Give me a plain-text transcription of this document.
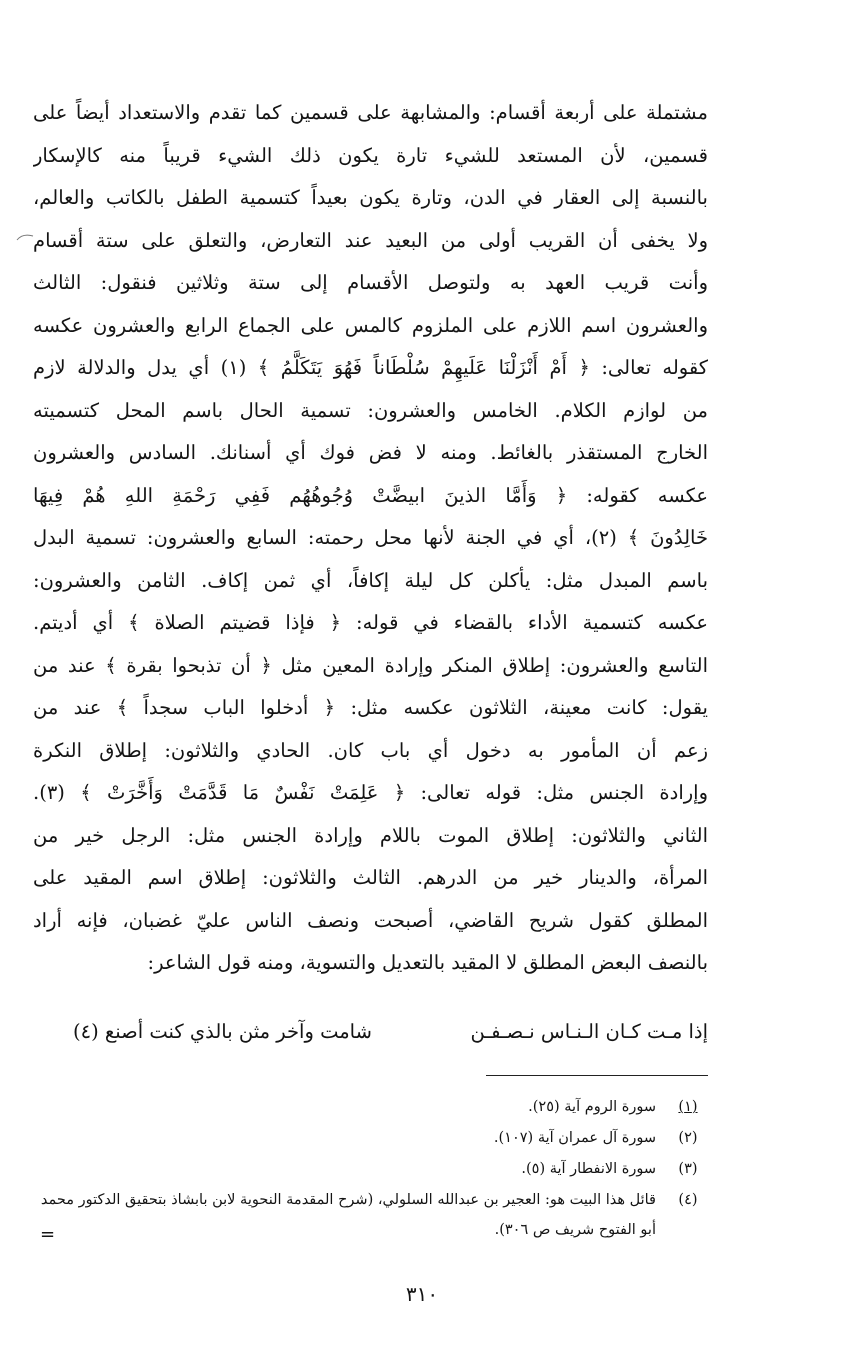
مشتملة على أربعة أقسام: والمشابهة على قسمين كما تقدم والاستعداد أيضاً على
قسمين، لأن المستعد للشيء تارة يكون ذلك الشيء قريباً منه كالإسكار
بالنسبة إلى العقار في الدن، وتارة يكون بعيداً كتسمية الطفل بالكاتب والعالم،
ولا يخفى أن القريب أولى من البعيد عند التعارض، والتعلق على ستة أقسام
وأنت قريب العهد به ولتوصل الأقسام إلى ستة وثلاثين فنقول: الثالث
والعشرون اسم اللازم على الملزوم كالمس على الجماع الرابع والعشرون عكسه
كقوله تعالى: ﴿ أَمْ أَنْزَلْنَا عَلَيهِمْ سُلْطَاناً فَهُوَ يَتَكَلَّمُ ﴾ (١) أي يدل والدلالة لازم
من لوازم الكلام. الخامس والعشرون: تسمية الحال باسم المحل كتسميته
الخارج المستقذر بالغائط. ومنه لا فض فوك أي أسنانك. السادس والعشرون
عكسه كقوله: ﴿ وَأَمَّا الذينَ ابيضَّتْ وُجُوهُهُم فَفِي رَحْمَةِ اللهِ هُمْ فِيهَا
خَالِدُونَ ﴾ (٢)، أي في الجنة لأنها محل رحمته: السابع والعشرون: تسمية البدل
باسم المبدل مثل: يأكلن كل ليلة إكافاً، أي ثمن إكاف. الثامن والعشرون:
عكسه كتسمية الأداء بالقضاء في قوله: ﴿ فإذا قضيتم الصلاة ﴾ أي أديتم.
التاسع والعشرون: إطلاق المنكر وإرادة المعين مثل ﴿ أن تذبحوا بقرة ﴾ عند من
يقول: كانت معينة، الثلاثون عكسه مثل: ﴿ أدخلوا الباب سجداً ﴾ عند من
زعم أن المأمور به دخول أي باب كان. الحادي والثلاثون: إطلاق النكرة
وإرادة الجنس مثل: قوله تعالى: ﴿ عَلِمَتْ نَفْسٌ مَا قَدَّمَتْ وَأَخَّرَتْ ﴾ (٣).
الثاني والثلاثون: إطلاق الموت باللام وإرادة الجنس مثل: الرجل خير من
المرأة، والدينار خير من الدرهم. الثالث والثلاثون: إطلاق اسم المقيد على
المطلق كقول شريح القاضي، أصبحت ونصف الناس عليّ غضبان، فإنه أراد
بالنصف البعض المطلق لا المقيد بالتعديل والتسوية، ومنه قول الشاعر:
إذا مـت كـان الـنـاس نـصـفـن
شامت وآخر مثن بالذي كنت أصنع (٤)
(١)
سورة الروم آية (٢٥).
(٢)
سورة آل عمران آية (١٠٧).
(٣)
سورة الانفطار آية (٥).
(٤)
قائل هذا البيت هو: العجير بن عبدالله السلولي، (شرح المقدمة النحوية لابن بابشاذ بتحقيق الدكتور محمد أبو الفتوح شريف ص ٣٠٦).
=
٣١٠
